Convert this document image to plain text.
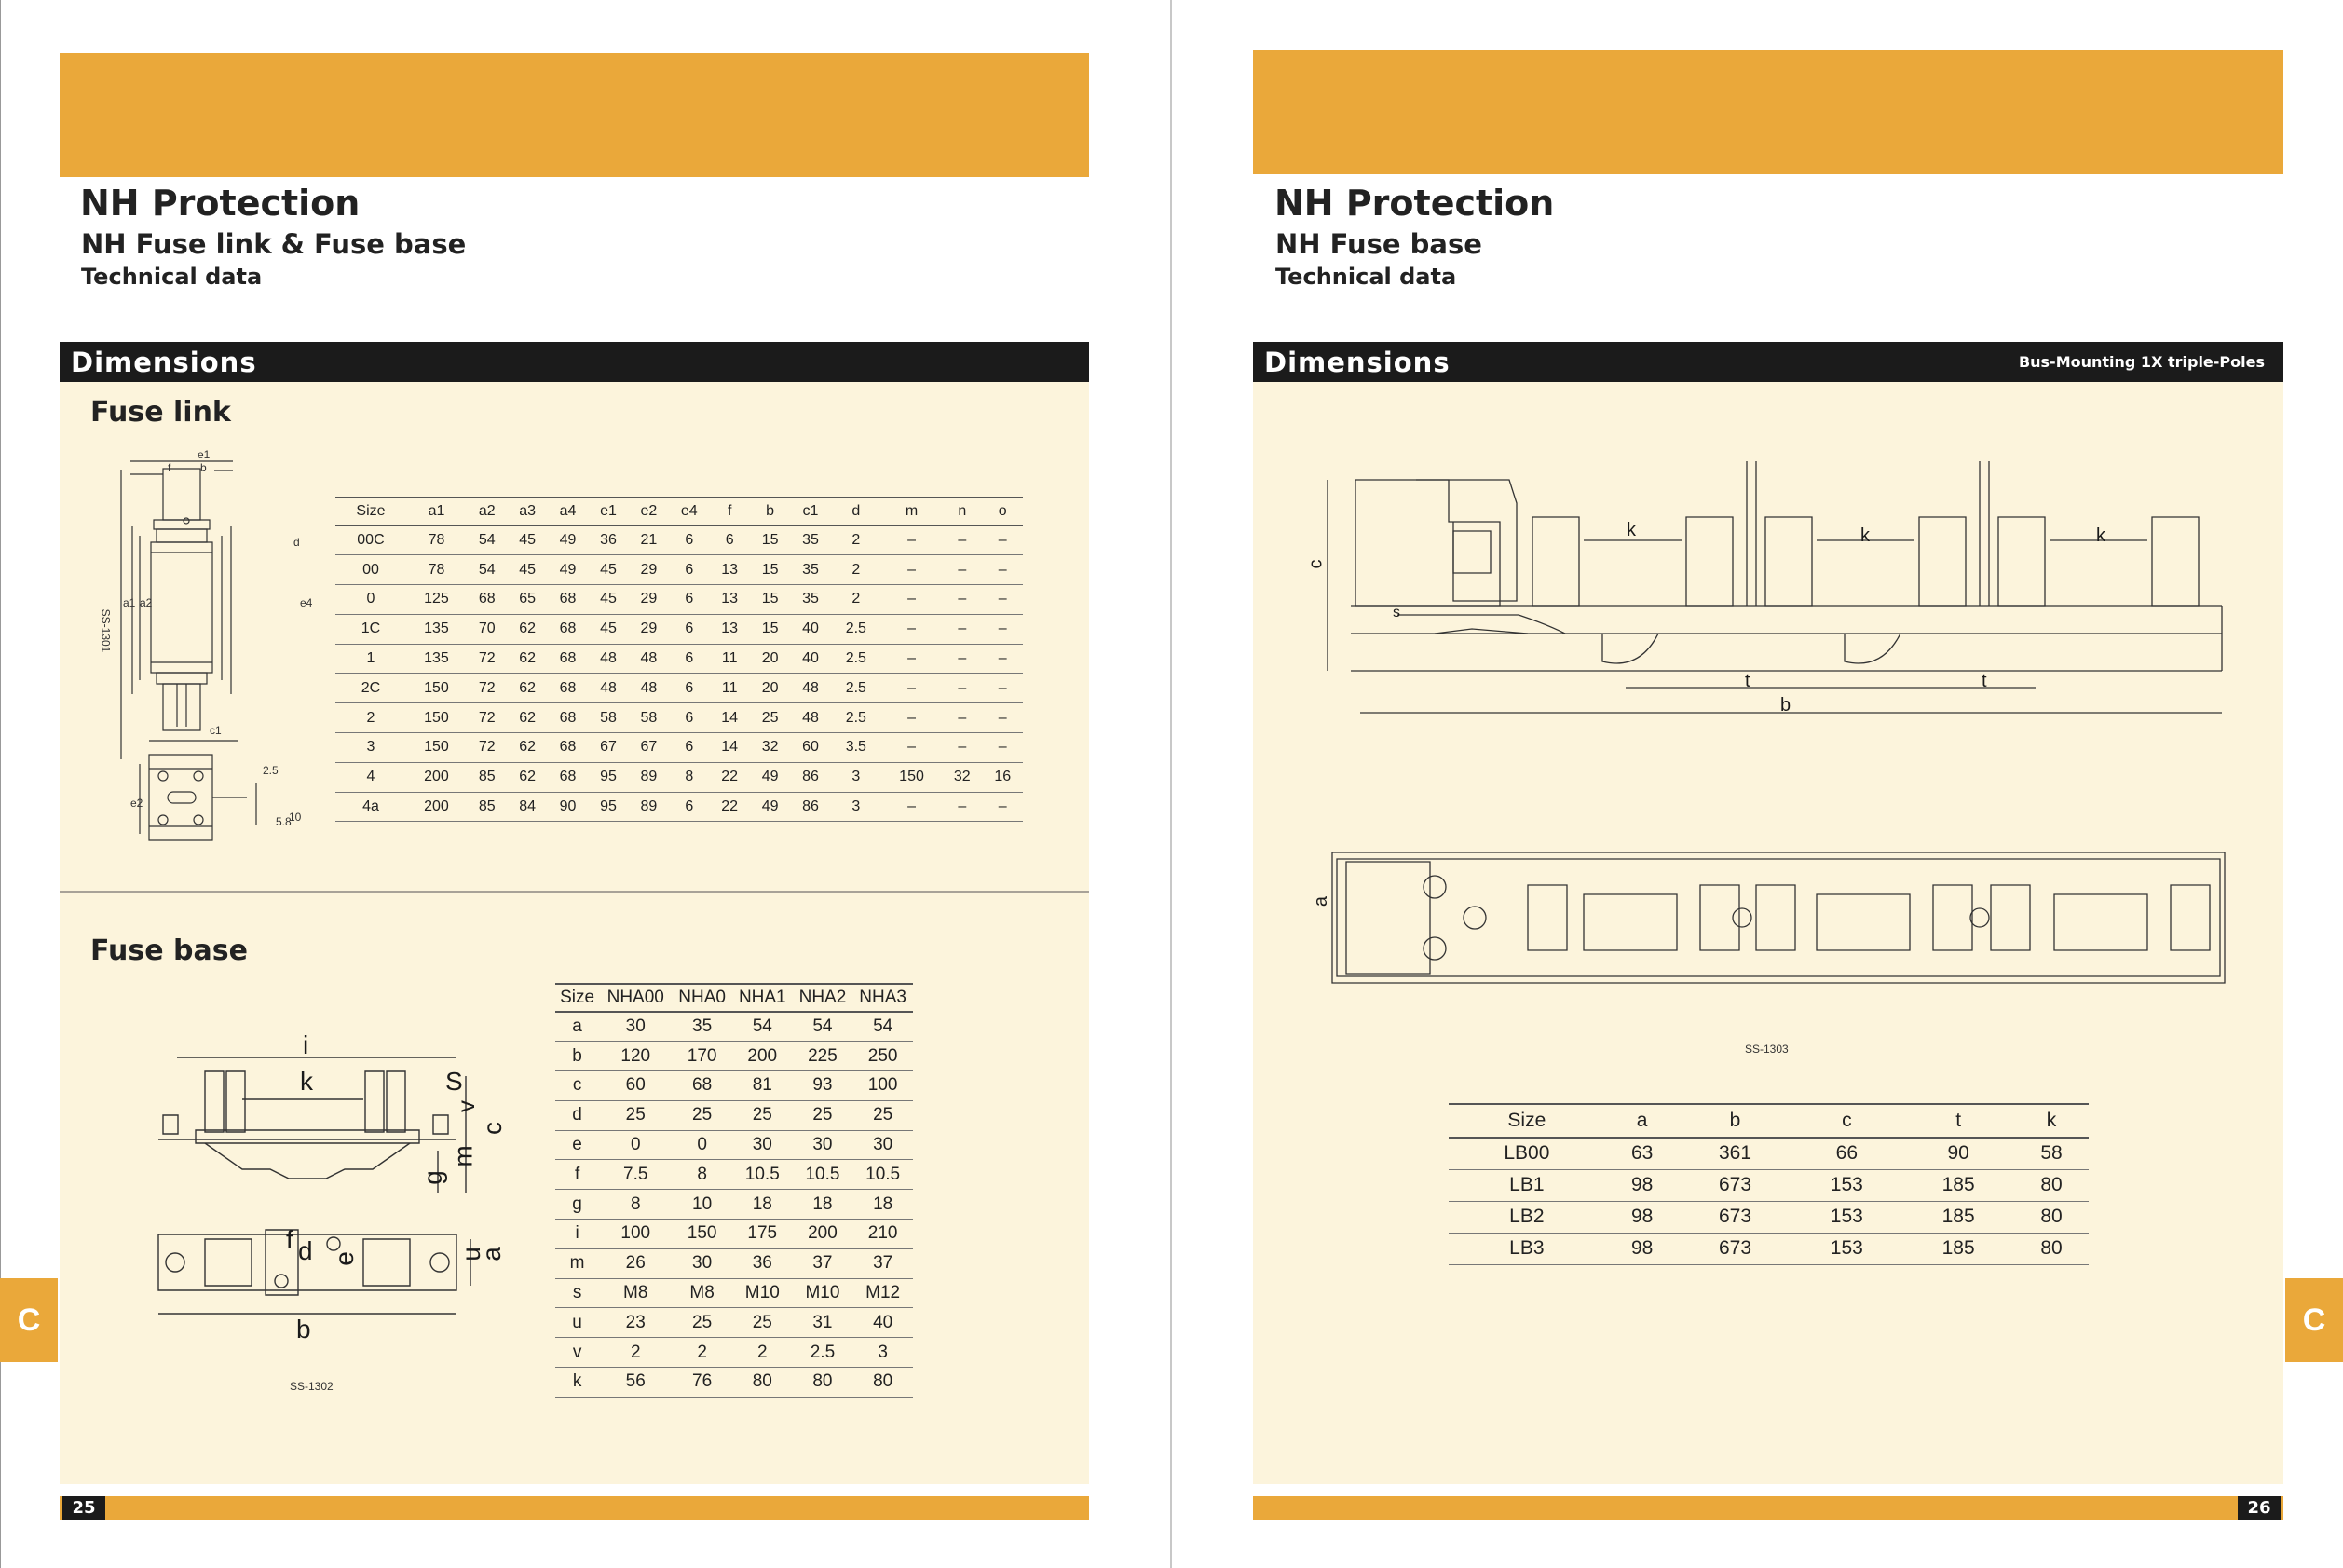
NH Protection
NH Fuse link & Fuse base
Technical data
Dimensions
Fuse link
e1
f	b
d
a1 a2	e4
SS-1301
c1
e2
2.5
10
5.8
Size	a1	a2	a3	a4	e1	e2	e4	f	b	c1	d	m	n	o
00C	78	54	45	49	36	21	6	6	15	35	2	–	–	–
00	78	54	45	49	45	29	6	13	15	35	2	–	–	–
0	125	68	65	68	45	29	6	13	15	35	2	–	–	–
1C	135	70	62	68	45	29	6	13	15	40	2.5	–	–	–
1	135	72	62	68	48	48	6	11	20	40	2.5	–	–	–
2C	150	72	62	68	48	48	6	11	20	48	2.5	–	–	–
2	150	72	62	68	58	58	6	14	25	48	2.5	–	–	–
3	150	72	62	68	67	67	6	14	32	60	3.5	–	–	–
4	200	85	62	68	95	89	8	22	49	86	3	150	32	16
4a	200	85	84	90	95	89	6	22	49	86	3	–	–	–
Fuse base
i
k	S
v
c
m
g
f d e	u
a
b
SS-1302
Size	NHA00	NHA0	NHA1	NHA2	NHA3
a	30	35	54	54	54
b	120	170	200	225	250
c	60	68	81	93	100
d	25	25	25	25	25
e	0	0	30	30	30
f	7.5	8	10.5	10.5	10.5
g	8	10	18	18	18
i	100	150	175	200	210
m	26	30	36	37	37
s	M8	M8	M10	M10	M12
u	23	25	25	31	40
v	2	2	2	2.5	3
k	56	76	80	80	80
C
25
NH Protection
NH Fuse base
Technical data
Dimensions	Bus-Mounting 1X triple-Poles
c
s
k	k	k
t	t
b
a
SS-1303
Size	a	b	c	t	k
LB00	63	361	66	90	58
LB1	98	673	153	185	80
LB2	98	673	153	185	80
LB3	98	673	153	185	80
C
26
